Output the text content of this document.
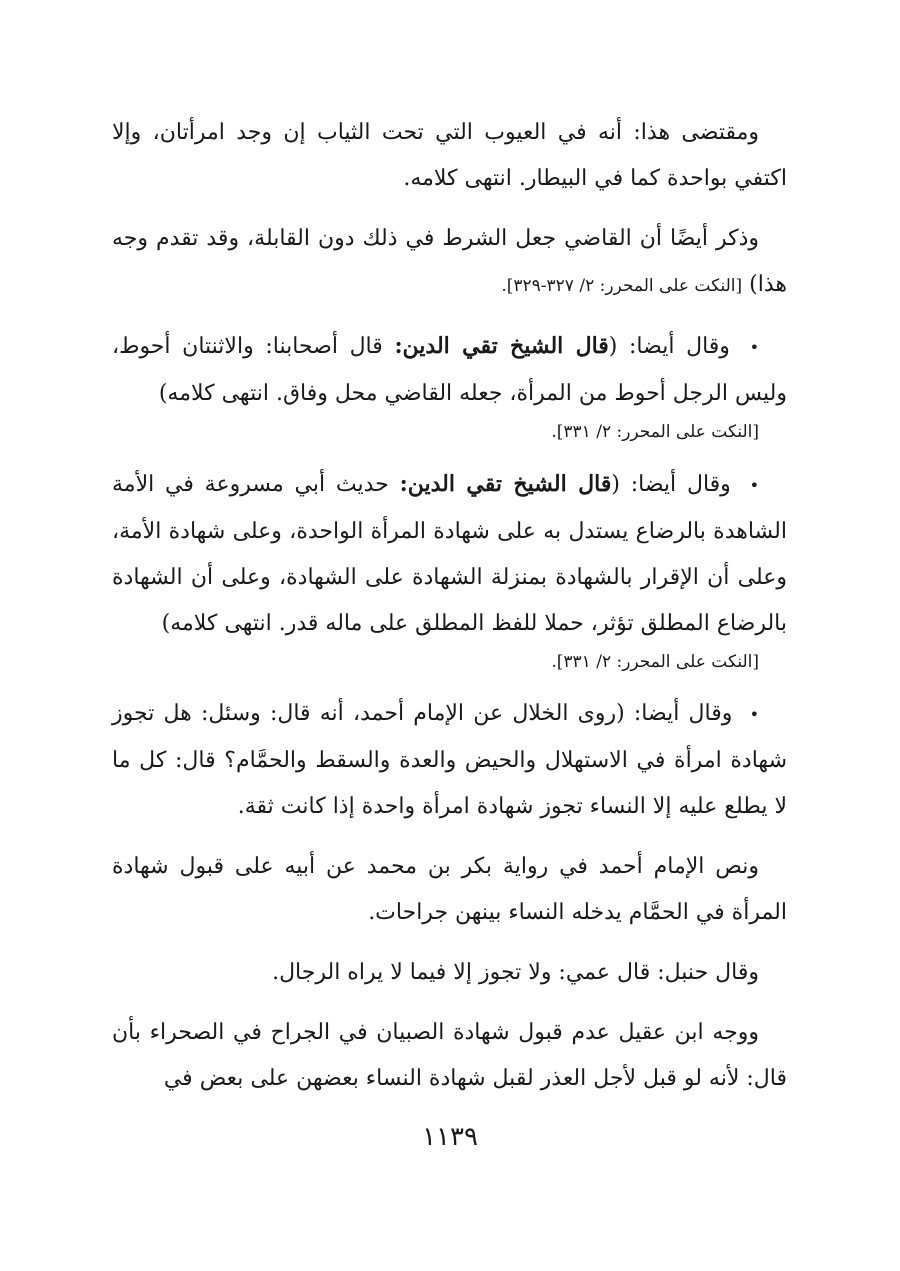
ومقتضى هذا: أنه في العيوب التي تحت الثياب إن وجد امرأتان، وإلا اكتفي بواحدة كما في البيطار. انتهى كلامه.

وذكر أيضًا أن القاضي جعل الشرط في ذلك دون القابلة، وقد تقدم وجه هذا) [النكت على المحرر: ٢/ ٣٢٧-٣٢٩].

• وقال أيضا: (قال الشيخ تقي الدين: قال أصحابنا: والاثنتان أحوط، وليس الرجل أحوط من المرأة، جعله القاضي محل وفاق. انتهى كلامه)
[النكت على المحرر: ٢/ ٣٣١].

• وقال أيضا: (قال الشيخ تقي الدين: حديث أبي مسروعة في الأمة الشاهدة بالرضاع يستدل به على شهادة المرأة الواحدة، وعلى شهادة الأمة، وعلى أن الإقرار بالشهادة بمنزلة الشهادة على الشهادة، وعلى أن الشهادة بالرضاع المطلق تؤثر، حملا للفظ المطلق على ماله قدر. انتهى كلامه)
[النكت على المحرر: ٢/ ٣٣١].

• وقال أيضا: (روى الخلال عن الإمام أحمد، أنه قال: وسئل: هل تجوز شهادة امرأة في الاستهلال والحيض والعدة والسقط والحمَّام؟ قال: كل ما لا يطلع عليه إلا النساء تجوز شهادة امرأة واحدة إذا كانت ثقة.

ونص الإمام أحمد في رواية بكر بن محمد عن أبيه على قبول شهادة المرأة في الحمَّام يدخله النساء بينهن جراحات.

وقال حنبل: قال عمي: ولا تجوز إلا فيما لا يراه الرجال.

ووجه ابن عقيل عدم قبول شهادة الصبيان في الجراح في الصحراء بأن قال: لأنه لو قبل لأجل العذر لقبل شهادة النساء بعضهن على بعض في

١١٣٩
